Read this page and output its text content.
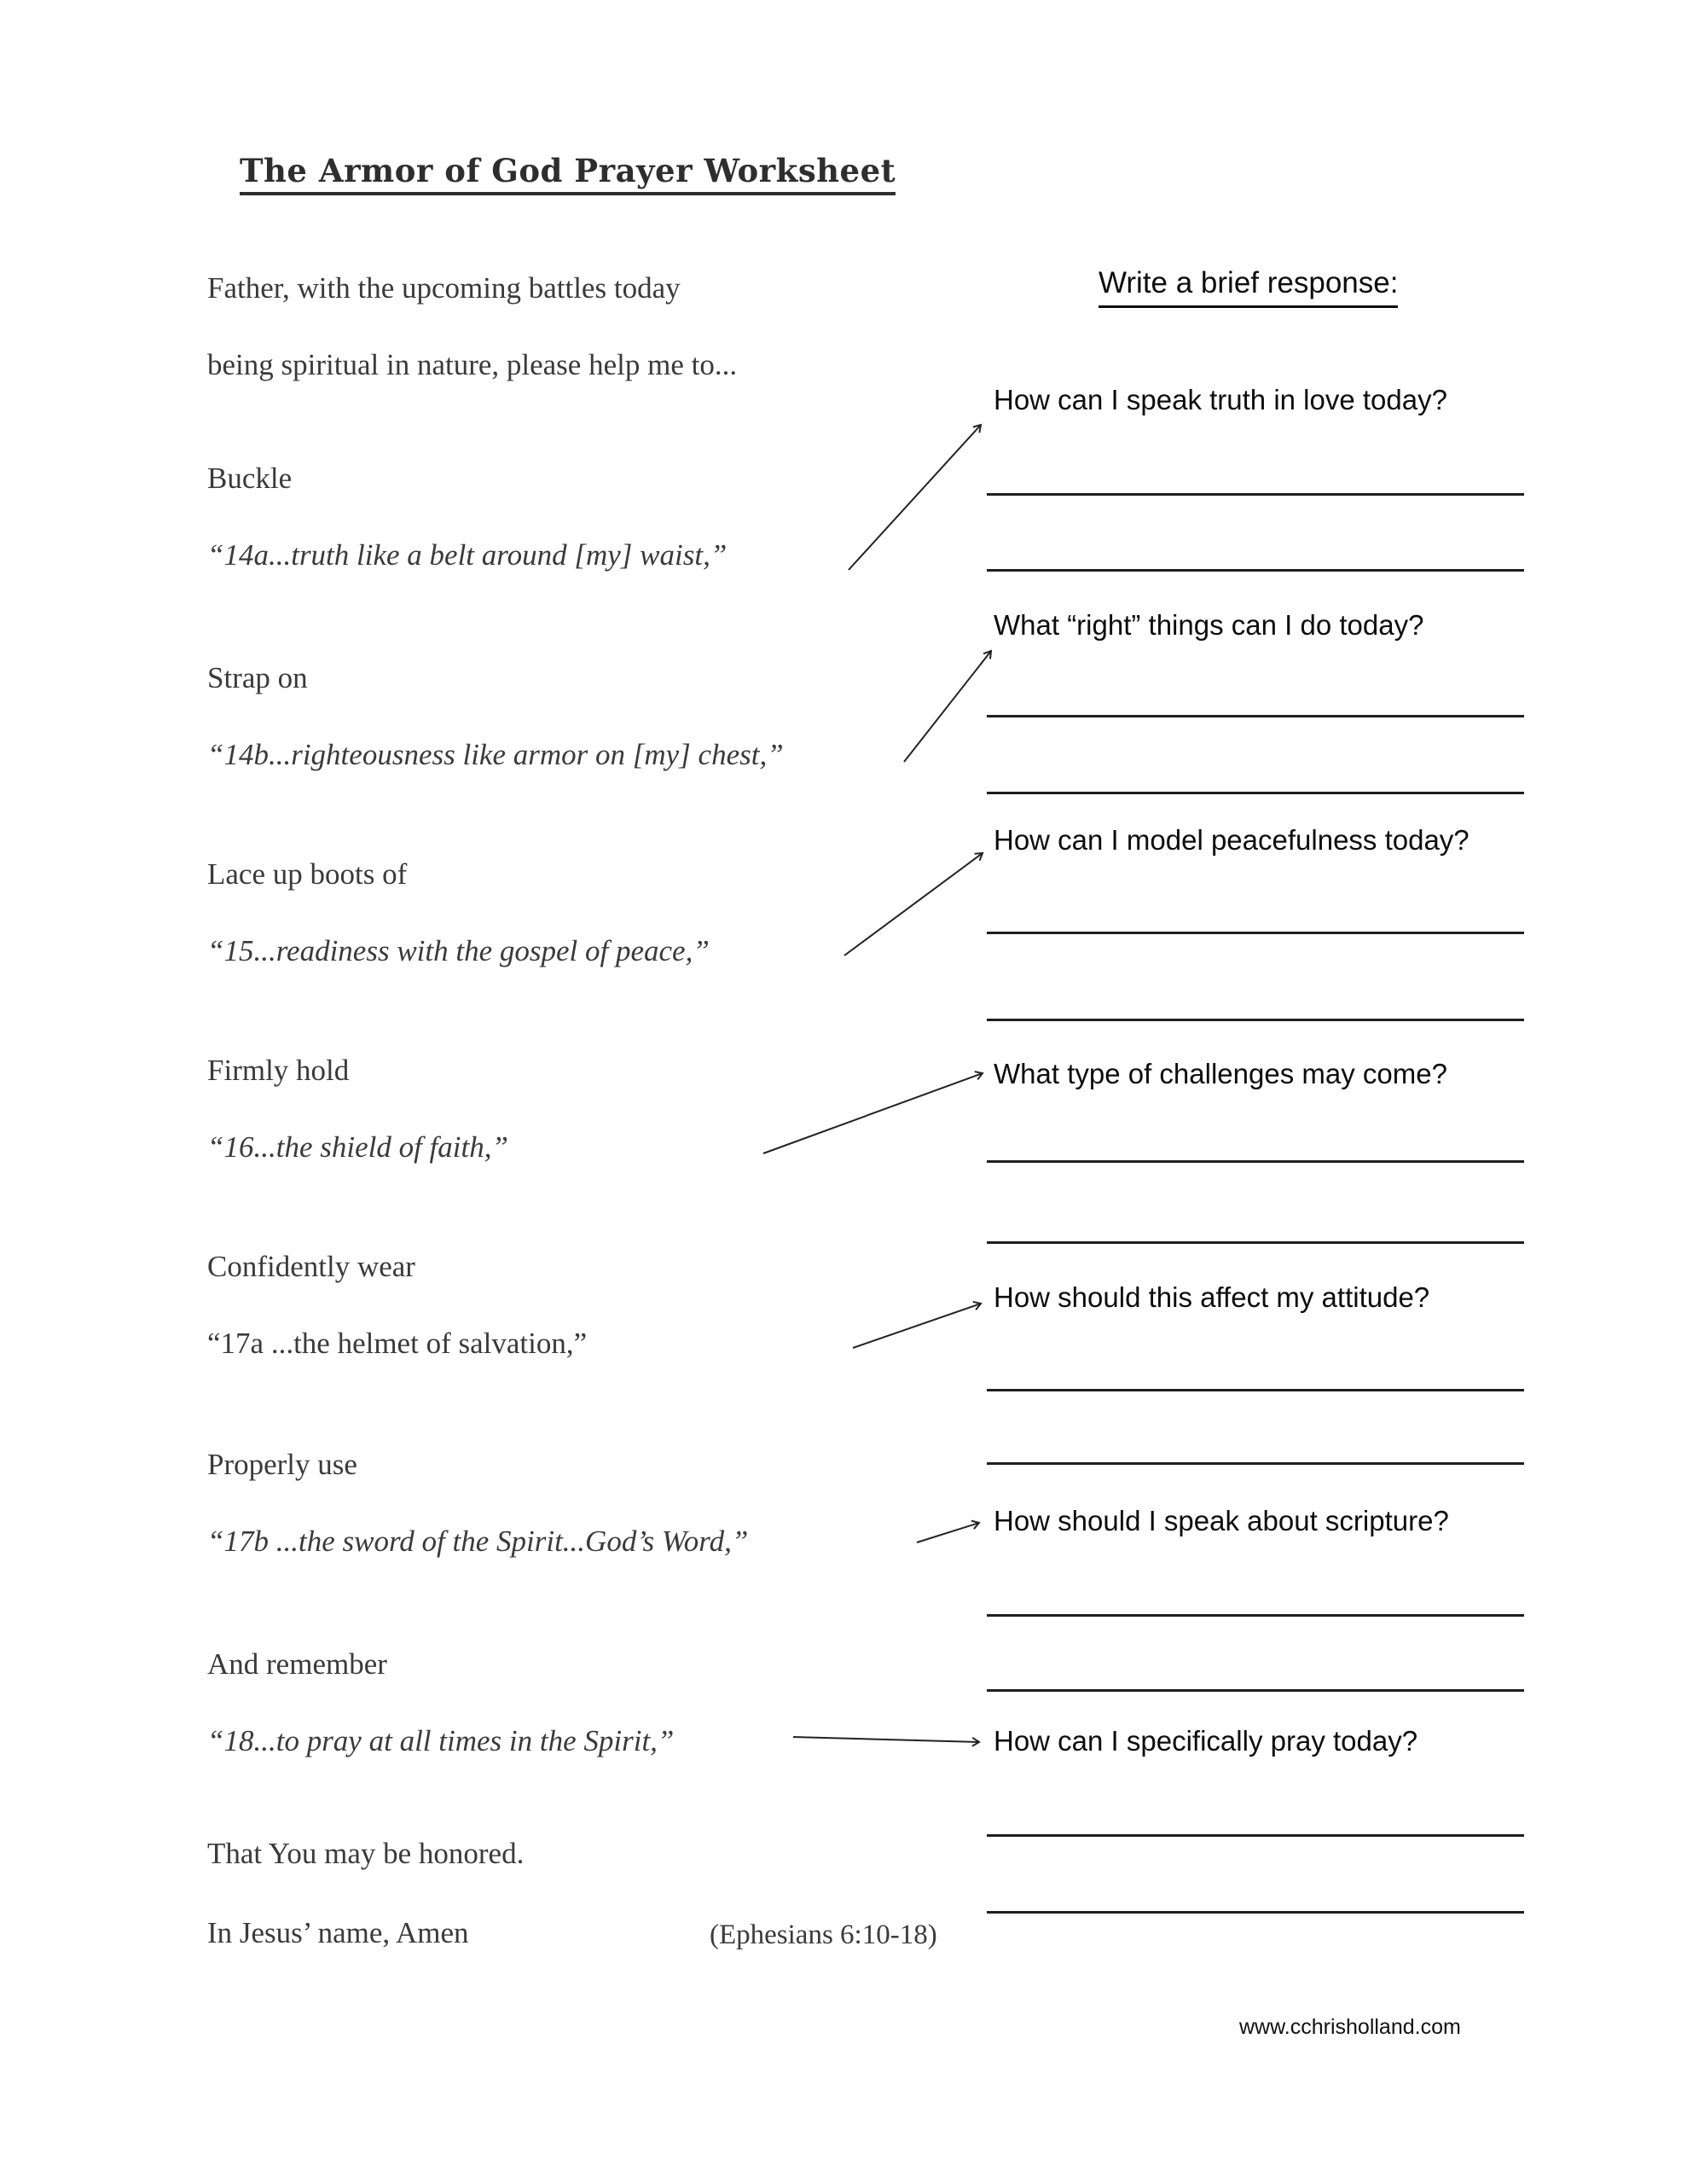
The Armor of God Prayer Worksheet
Father, with the upcoming battles today
being spiritual in nature, please help me to...
Buckle
“14a...truth like a belt around [my] waist,”
Strap on
“14b...righteousness like armor on [my] chest,”
Lace up boots of
“15...readiness with the gospel of peace,”
Firmly hold
“16...the shield of faith,”
Confidently wear
“17a ...the helmet of salvation,”
Properly use
“17b ...the sword of the Spirit...God’s Word,”
And remember
“18...to pray at all times in the Spirit,”
That You may be honored.
In Jesus’ name, Amen	(Ephesians 6:10-18)
Write a brief response:
How can I speak truth in love today?
What “right” things can I do today?
How can I model peacefulness today?
What type of challenges may come?
How should this affect my attitude?
How should I speak about scripture?
How can I specifically pray today?
www.cchrisholland.com
